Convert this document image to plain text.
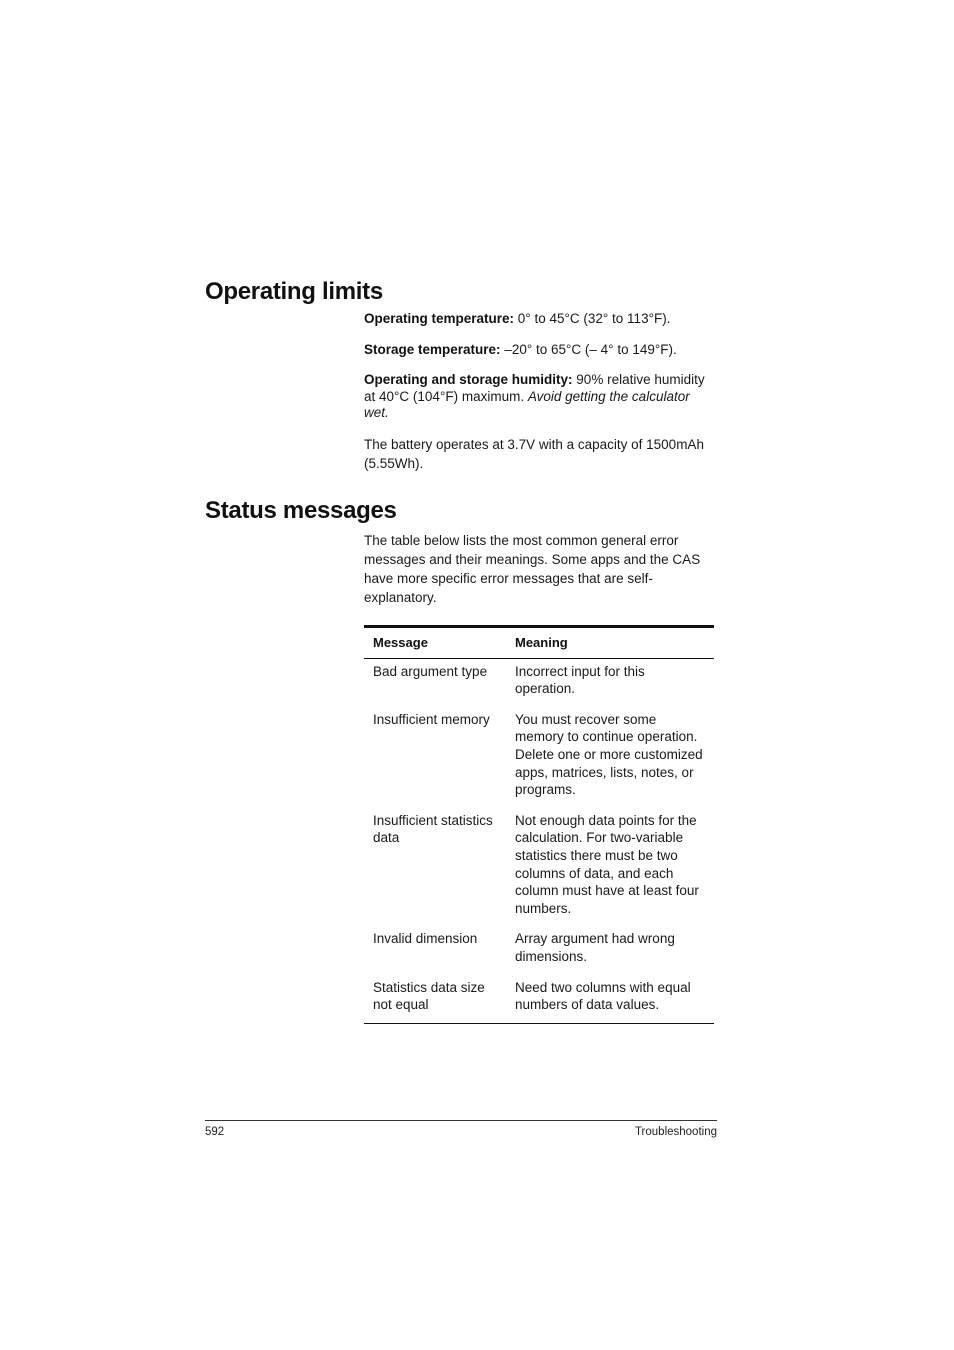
Operating limits

Operating temperature: 0° to 45°C (32° to 113°F).

Storage temperature: –20° to 65°C (– 4° to 149°F).

Operating and storage humidity: 90% relative humidity at 40°C (104°F) maximum. Avoid getting the calculator wet.

The battery operates at 3.7V with a capacity of 1500mAh (5.55Wh).

Status messages

The table below lists the most common general error messages and their meanings. Some apps and the CAS have more specific error messages that are self-explanatory.

Message	Meaning
Bad argument type	Incorrect input for this operation.
Insufficient memory	You must recover some memory to continue operation. Delete one or more customized apps, matrices, lists, notes, or programs.
Insufficient statistics data	Not enough data points for the calculation. For two-variable statistics there must be two columns of data, and each column must have at least four numbers.
Invalid dimension	Array argument had wrong dimensions.
Statistics data size not equal	Need two columns with equal numbers of data values.
592	Troubleshooting
